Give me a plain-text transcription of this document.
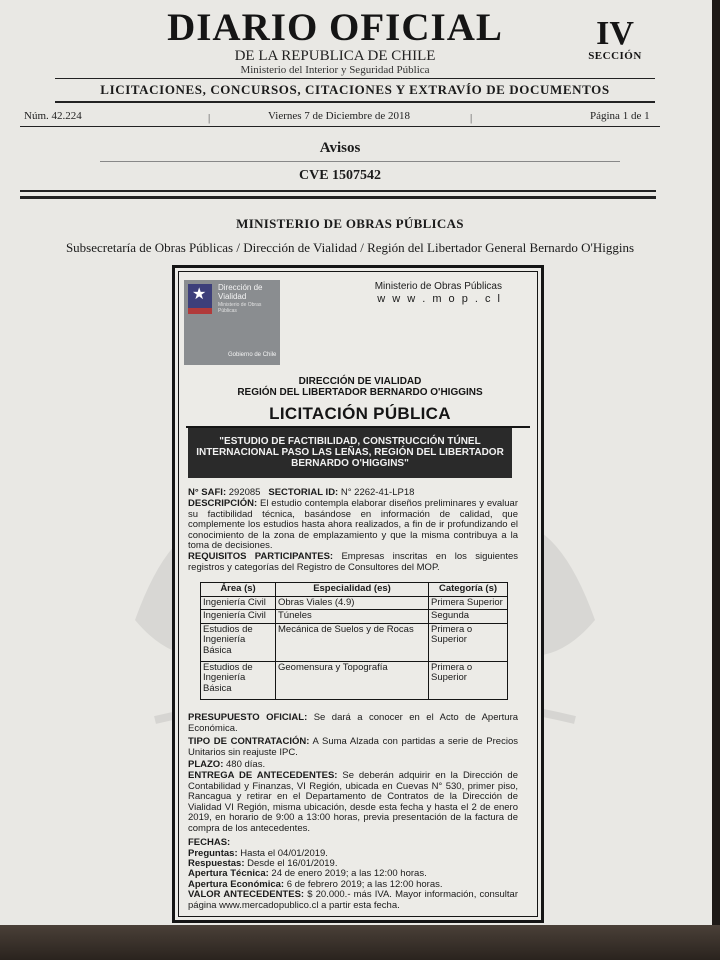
DIARIO OFICIAL
DE LA REPUBLICA DE CHILE
Ministerio del Interior y Seguridad Pública
IV
SECCIÓN
LICITACIONES, CONCURSOS, CITACIONES Y EXTRAVÍO DE DOCUMENTOS
Núm. 42.224	|	Viernes 7 de Diciembre de 2018	|	Página 1 de 1
Avisos
CVE 1507542
MINISTERIO DE OBRAS PÚBLICAS
Subsecretaría de Obras Públicas / Dirección de Vialidad / Región del Libertador General Bernardo O'Higgins
★ Dirección de
Vialidad
Ministerio de Obras Públicas
Gobierno de Chile
Ministerio de Obras Públicas
w w w . m o p . c l
DIRECCIÓN DE VIALIDAD
REGIÓN DEL LIBERTADOR BERNARDO O'HIGGINS
LICITACIÓN PÚBLICA
"ESTUDIO DE FACTIBILIDAD, CONSTRUCCIÓN TÚNEL INTERNACIONAL PASO LAS LEÑAS, REGIÓN DEL LIBERTADOR BERNARDO O'HIGGINS"
N° SAFI: 292085 SECTORIAL ID: N° 2262-41-LP18
DESCRIPCIÓN: El estudio contempla elaborar diseños preliminares y evaluar su factibilidad técnica, basándose en información de calidad, que complemente los estudios hasta ahora realizados, a fin de ir profundizando el conocimiento de la zona de emplazamiento y que la misma contribuya a la toma de decisiones.
REQUISITOS PARTICIPANTES: Empresas inscritas en los siguientes registros y categorías del Registro de Consultores del MOP.
Área (s)	Especialidad (es)	Categoría (s)
Ingeniería Civil	Obras Viales (4.9)	Primera Superior
Ingeniería Civil	Túneles	Segunda
Estudios de Ingeniería Básica	Mecánica de Suelos y de Rocas	Primera o Superior
Estudios de Ingeniería Básica	Geomensura y Topografía	Primera o Superior
PRESUPUESTO OFICIAL: Se dará a conocer en el Acto de Apertura Económica.
TIPO DE CONTRATACIÓN: A Suma Alzada con partidas a serie de Precios Unitarios sin reajuste IPC.
PLAZO: 480 días.
ENTREGA DE ANTECEDENTES: Se deberán adquirir en la Dirección de Contabilidad y Finanzas, VI Región, ubicada en Cuevas N° 530, primer piso, Rancagua y retirar en el Departamento de Contratos de la Dirección de Vialidad VI Región, misma ubicación, desde esta fecha y hasta el 2 de enero 2019, en horario de 9:00 a 13:00 horas, previa presentación de la factura de compra de los antecedentes.
FECHAS:
Preguntas: Hasta el 04/01/2019.
Respuestas: Desde el 16/01/2019.
Apertura Técnica: 24 de enero 2019; a las 12:00 horas.
Apertura Económica: 6 de febrero 2019; a las 12:00 horas.
VALOR ANTECEDENTES: $ 20.000.- más IVA. Mayor información, consultar página www.mercadopublico.cl a partir esta fecha.
